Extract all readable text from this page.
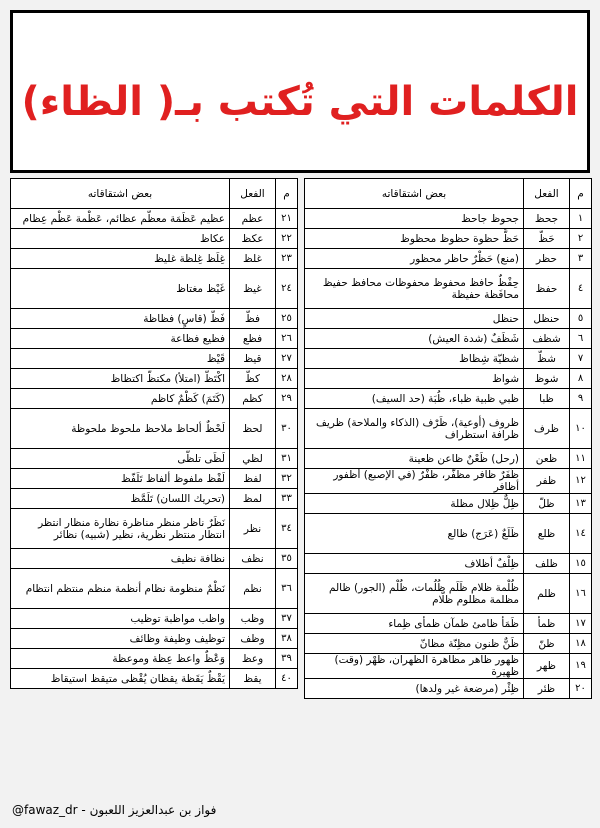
الكلمات التي تُكتب بـ( الظاء)
م	الفعل	بعض اشتقاقاته
١	جحظ	جحوظ جاحظ
٢	حَظّ	حَظٌّ حظوة حظوظ محظوظ
٣	حظر	(منع) حَظْرٌ حاظر محظور
٤	حفظ	حِفْظٌ حافظ محفوظ محفوظات محافظ حفيظ محافَظة حفيظة
٥	حنظل	حنظل
٦	شظف	شَظَفٌ (شدة العيش)
٧	شظّ	شظيّة شِظاظ
٨	شوظ	شواظ
٩	ظبا	ظبي ظبية ظباء، ظُبَة (حد السيف)
١٠	ظرف	ظروف (أوعية)، ظَرْف (الذكاء والملاحة) ظريف ظرافة استظراف
١١	ظعن	(رحل) ظَعْنٌ ظاعن ظعينة
١٢	ظفر	ظَفَرٌ ظافر مظفّر، ظُفْرٌ (في الإصبع) أظفور أظافر
١٣	ظلّ	ظِلٌّ ظِلال مظلة
١٤	ظلع	ظَلَعٌ (عَرَج) ظالع
١٥	ظلف	ظِلْفٌ أظلاف
١٦	ظلم	ظُلْمة ظلام ظَلَم ظُلُمات، ظُلْم (الجور) ظالم مظلمة مظلوم ظلّام
١٧	ظمأ	ظَمَأ ظامئ ظمآن ظمأى ظِماء
١٨	ظنّ	ظَنٌّ ظنون مظِنّة مظانّ
١٩	ظهر	ظهور ظاهر مظاهرة الظهران، ظُهْر (وقت) ظهيرة
٢٠	ظئر	ظِئْر (مرضعة غير ولدها)
م	الفعل	بعض اشتقاقاته
٢١	عظم	عظيم عَظَمَة معظّم عظائم، عَظْمة عَظْم عِظام
٢٢	عكظ	عكاظ
٢٣	غلظ	غِلَظ غِلظة غليظ
٢٤	غيظ	غَيْظ مغتاظ
٢٥	فظّ	فَظّ (قاسٍ) فظاظة
٢٦	فظع	فظيع فظاعة
٢٧	قيظ	قَيْظ
٢٨	كظّ	اكْتَظّ (امتلأ) مكتظّ اكتظاظ
٢٩	كظم	(كَتَمَ) كَظْمٌ كاظم
٣٠	لحظ	لَحْظٌ ألحاظ ملاحظ ملحوظ ملحوظة
٣١	لظي	لَظَى تلظّى
٣٢	لفظ	لَفْظ ملفوظ ألفاظ تَلَفّظ
٣٣	لمظ	(تحريك اللسان) تَلَمَّظ
٣٤	نظر	نَظَرٌ ناظر منظر مناظرة نظارة منظار انتظر انتظار منتظر نظرية، نظير (شبيه) نظائر
٣٥	نظف	نظافة نظيف
٣٦	نظم	نَظْمٌ منظومة نظام أنظمة منظم منتظم انتظام
٣٧	وظب	واظب مواظبة توظيب
٣٨	وظف	توظيف وظيفة وظائف
٣٩	وعظ	وَعْظٌ واعظ عِظة وموعظة
٤٠	يقظ	يَقْظٌ يَقَظة يقظان يُقْظى متيقظ استيقاظ
@fawaz_dr - فواز بن عبدالعزيز اللعبون
